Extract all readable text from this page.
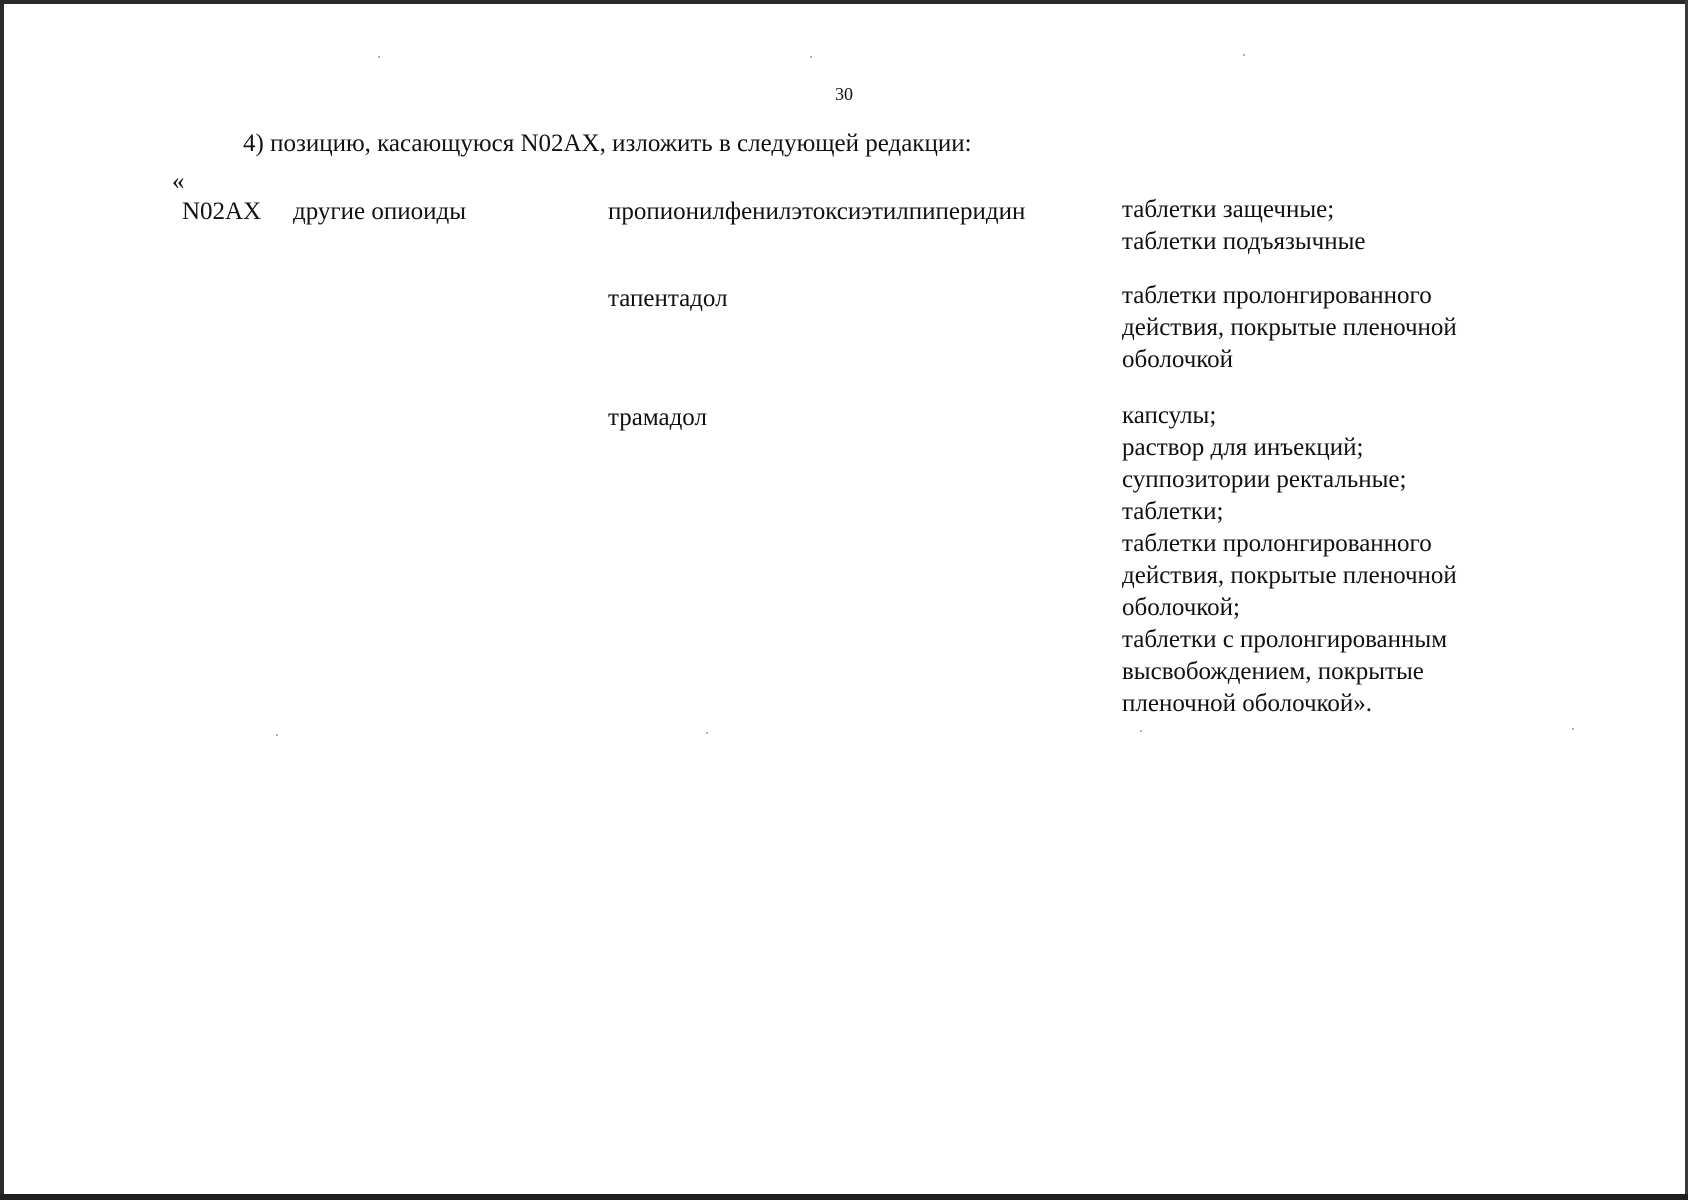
30
4) позицию, касающуюся N02AX, изложить в следующей редакции:
«
N02AX другие опиоиды	пропионилфенилэтоксиэтилпиперидин	таблетки защечные;
таблетки подъязычные
тапентадол	таблетки пролонгированного
действия, покрытые пленочной
оболочкой
трамадол	капсулы;
раствор для инъекций;
суппозитории ректальные;
таблетки;
таблетки пролонгированного
действия, покрытые пленочной
оболочкой;
таблетки с пролонгированным
высвобождением, покрытые
пленочной оболочкой».
